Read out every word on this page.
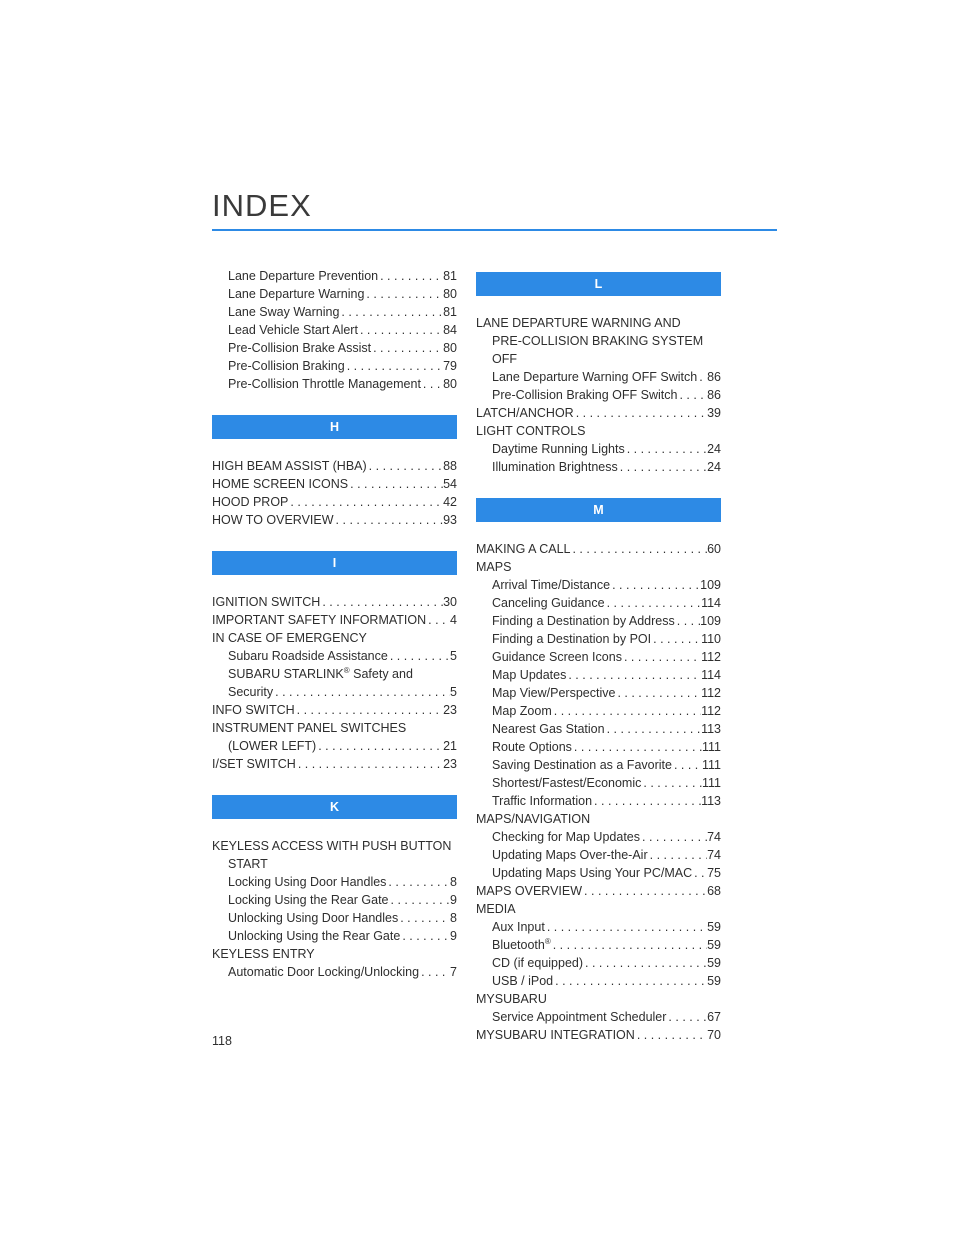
INDEX
Lane Departure Prevention . . .	81
Lane Departure Warning . . .	80
Lane Sway Warning . . .	81
Lead Vehicle Start Alert . . .	84
Pre-Collision Brake Assist . . .	80
Pre-Collision Braking . . .	79
Pre-Collision Throttle Management . . . 80
H
HIGH BEAM ASSIST (HBA) . . .	88
HOME SCREEN ICONS . . .	54
HOOD PROP . . .	42
HOW TO OVERVIEW . . .	93
I
IGNITION SWITCH . . .	30
IMPORTANT SAFETY INFORMATION . . . 4
IN CASE OF EMERGENCY
Subaru Roadside Assistance . . .	5
SUBARU STARLINK® Safety and
Security . . .	5
INFO SWITCH . . .	23
INSTRUMENT PANEL SWITCHES
(LOWER LEFT) . . .	21
I/SET SWITCH . . .	23
K
KEYLESS ACCESS WITH PUSH BUTTON
START
Locking Using Door Handles . . .	8
Locking Using the Rear Gate . . .	9
Unlocking Using Door Handles . . .	8
Unlocking Using the Rear Gate . . .	9
KEYLESS ENTRY
Automatic Door Locking/Unlocking . . . 7
L
LANE DEPARTURE WARNING AND
PRE-COLLISION BRAKING SYSTEM
OFF
Lane Departure Warning OFF Switch . . . 86
Pre-Collision Braking OFF Switch . . . 86
LATCH/ANCHOR . . .	39
LIGHT CONTROLS
Daytime Running Lights . . .	24
Illumination Brightness . . .	24
M
MAKING A CALL . . .	60
MAPS
Arrival Time/Distance . . .	109
Canceling Guidance . . .	114
Finding a Destination by Address . . . 109
Finding a Destination by POI . . .	110
Guidance Screen Icons . . .	112
Map Updates . . .	114
Map View/Perspective . . .	112
Map Zoom . . .	112
Nearest Gas Station . . .	113
Route Options . . .	111
Saving Destination as a Favorite . . . 111
Shortest/Fastest/Economic . . .	111
Traffic Information . . .	113
MAPS/NAVIGATION
Checking for Map Updates . . .	74
Updating Maps Over-the-Air . . .	74
Updating Maps Using Your PC/MAC . . . 75
MAPS OVERVIEW . . .	68
MEDIA
Aux Input . . .	59
Bluetooth® . . .	59
CD (if equipped) . . .	59
USB / iPod . . .	59
MYSUBARU
Service Appointment Scheduler . . .	67
MYSUBARU INTEGRATION . . .	70
118
